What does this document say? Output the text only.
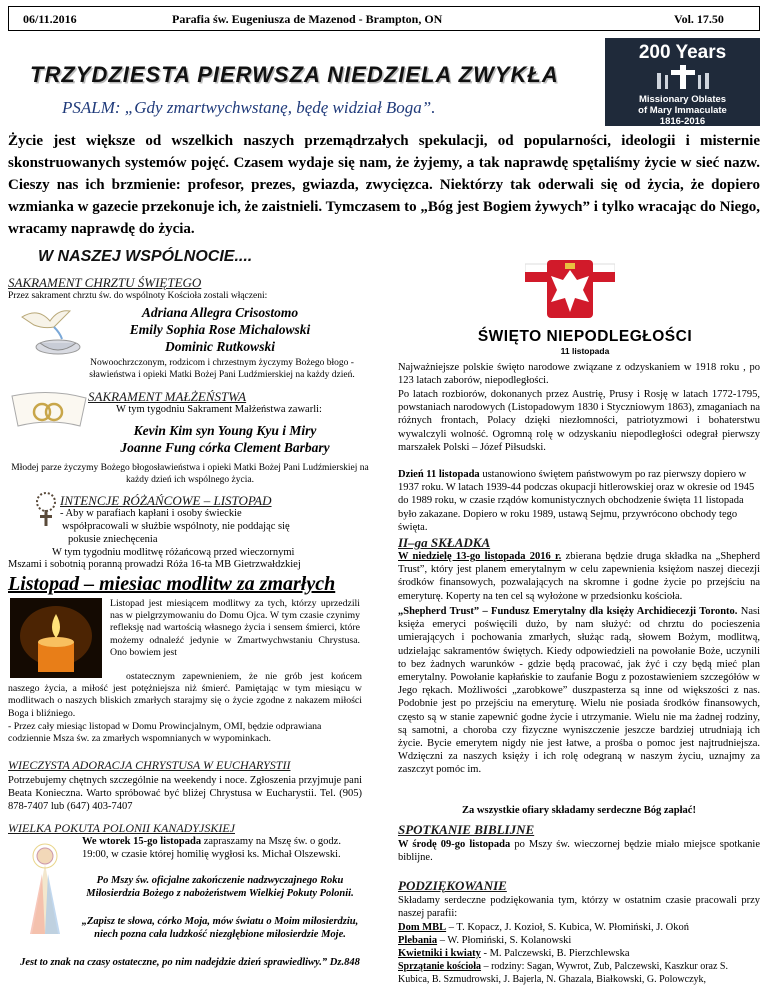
06/11.2016	Parafia św. Eugeniusza de Mazenod - Brampton, ON	Vol. 17.50
TRZYDZIESTA PIERWSZA NIEDZIELA ZWYKŁA
200 Years
Missionary Oblates
of Mary Immaculate
1816-2016
PSALM: „Gdy zmartwychwstanę, będę widział Boga”.
Życie jest większe od wszelkich naszych przemądrzałych spekulacji, od popularności, ideologii i misternie skonstruowanych systemów pojęć. Czasem wydaje się nam, że żyjemy, a tak naprawdę spętaliśmy życie w sieć nazw. Cieszy nas ich brzmienie: profesor, prezes, gwiazda, zwycięzca. Niektórzy tak oderwali się od życia, że dopiero wzmianka w gazecie przekonuje ich, że zaistnieli. Tymczasem to „Bóg jest Bogiem żywych” i tylko wracając do Niego, wracamy naprawdę do życia.
W NASZEJ WSPÓLNOCIE....
SAKRAMENT CHRZTU ŚWIĘTEGO
Przez sakrament chrztu św. do wspólnoty Kościoła zostali włączeni:
Adriana Allegra Crisostomo
Emily Sophia Rose Michalowski
Dominic Rutkowski
Nowoochrzczonym, rodzicom i chrzestnym życzymy Bożego błogo -sławieństwa i opieki Matki Bożej Pani Ludźmierskiej na każdy dzień.
SAKRAMENT MAŁŻEŃSTWA
W tym tygodniu Sakrament Małżeństwa zawarli:
Kevin Kim syn Young Kyu i Miry
Joanne Fung córka Clement Barbary
Młodej parze życzymy Bożego błogosławieństwa i opieki Matki Bożej Pani Ludźmierskiej na każdy dzień ich wspólnego życia.
INTENCJE RÓŻAŃCOWE – LISTOPAD
- Aby w parafiach kapłani i osoby świeckie
współpracowali w służbie wspólnoty, nie poddając się
pokusie zniechęcenia
W tym tygodniu modlitwę różańcową przed wieczornymi
Mszami i sobotnią poranną prowadzi Róża 16-ta MB Gietrzwałdzkiej
Listopad – miesiac modlitw za zmarłych
Listopad jest miesiącem modlitwy za tych, którzy uprzedzili nas w pielgrzymowaniu do Domu Ojca. W tym czasie czynimy refleksję nad wartością własnego życia i sensem śmierci, które możemy odnaleźć jedynie w Zmartwychwstaniu Chrystusa. Ono bowiem jest
ostatecznym zapewnieniem, że nie grób jest końcem naszego życia, a miłość jest potężniejsza niż śmierć. Pamiętając w tym miesiącu w modlitwach o naszych bliskich zmarłych starajmy się o życie zgodne z nakazem miłości Boga i bliźniego.
- Przez cały miesiąc listopad w Domu Prowincjalnym, OMI, będzie odprawiana codziennie Msza św. za zmarłych wspomnianych w wypominkach.
WIECZYSTA ADORACJA CHRYSTUSA W EUCHARYSTII
Potrzebujemy chętnych szczególnie na weekendy i noce. Zgłoszenia przyjmuje pani Beata Konieczna. Warto spróbować być bliżej Chrystusa w Eucharystii. Tel. (905) 878-7407 lub (647) 403-7407
WIELKA POKUTA POLONII KANADYJSKIEJ
We wtorek 15-go listopada zapraszamy na Mszę św. o godz. 19:00, w czasie której homilię wygłosi ks. Michał Olszewski.
Po Mszy św. oficjalne zakończenie nadzwyczajnego Roku Miłosierdzia Bożego z nabożeństwem Wielkiej Pokuty Polonii.
„Zapisz te słowa, córko Moja, mów światu o Moim miłosierdziu, niech pozna cała ludzkość niezgłębione miłosierdzie Moje.
Jest to znak na czasy ostateczne, po nim nadejdzie dzień sprawiedliwy.” Dz.848
ŚWIĘTO NIEPODLEGŁOŚCI
11 listopada
Najważniejsze polskie święto narodowe związane z odzyskaniem w 1918 roku , po 123 latach zaborów, niepodległości.
Po latach rozbiorów, dokonanych przez Austrię, Prusy i Rosję w latach 1772-1795, powstaniach narodowych (Listopadowym 1830 i Styczniowym 1863), zmaganiach na różnych frontach, Polacy dzięki niezłomności, patriotyzmowi i bohaterstwu wywalczyli wolność. Ogromną rolę w odzyskaniu niepodległości odegrał pierwszy marszałek Polski – Józef Piłsudski.
Dzień 11 listopada ustanowiono świętem państwowym po raz pierwszy dopiero w 1937 roku. W latach 1939-44 podczas okupacji hitlerowskiej oraz w okresie od 1945 do 1989 roku, w czasie rządów komunistycznych obchodzenie święta 11 listopada było zakazane. Dopiero w roku 1989, ustawą Sejmu, przywrócono obchody tego święta.
II–ga SKŁADKA
W niedzielę 13-go listopada 2016 r. zbierana będzie druga składka na „Shepherd Trust”, który jest planem emerytalnym w celu zapewnienia księżom naszej diecezji środków finansowych, pozwalających na skromne i godne życie po przejściu na emeryturę. Koperty na ten cel są wyłożone w przedsionku kościoła.
„Shepherd Trust” – Fundusz Emerytalny dla księży Archidiecezji Toronto. Nasi księża emeryci poświęcili dużo, by nam służyć: od chrztu do pocieszenia umierających i pochowania zmarłych, służąc radą, słowem Bożym, modlitwą, udzielając sakramentów świętych. Kiedy odpowiedzieli na powołanie Boże, uczynili to bez żadnych warunków - gdzie będą pracować, jak żyć i czy będą mieć plan emerytalny. Powołanie kapłańskie to zaufanie Bogu z pozostawieniem szczegółów w Jego rękach. Możliwości „zarobkowe” duszpasterza są inne od większości z nas. Podobnie jest po przejściu na emeryturę. Wielu nie posiada środków finansowych, często są w stanie zapewnić godne życie i utrzymanie. Wielu nie ma żadnej rodziny, są samotni, a choroba czy fizyczne wyniszczenie jeszcze bardziej utrudniają ich życie. Bycie emerytem nigdy nie jest łatwe, a prośba o pomoc jest najtrudniejsza. Wdzięczni za naszych księży i ich rolę odegraną w naszym życiu, uznajmy za zaszczyt pomóc im.
Za wszystkie ofiary składamy serdeczne Bóg zapłać!
SPOTKANIE BIBLIJNE
W środę 09-go listopada po Mszy św. wieczornej będzie miało miejsce spotkanie biblijne.
PODZIĘKOWANIE
Składamy serdeczne podziękowania tym, którzy w ostatnim czasie pracowali przy naszej parafii:
Dom MBL – T. Kopacz, J. Kozioł, S. Kubica, W. Płomiński, J. Okoń
Plebania – W. Płomiński, S. Kolanowski
Kwietniki i kwiaty - M. Palczewski, B. Pierzchlewska
Sprzątanie kościoła – rodziny: Sagan, Wywrot, Zub, Palczewski, Kaszkur oraz S. Kubica, B. Szmudrowski, J. Bajerla, N. Ghazala, Białkowski, G. Polowczyk,
